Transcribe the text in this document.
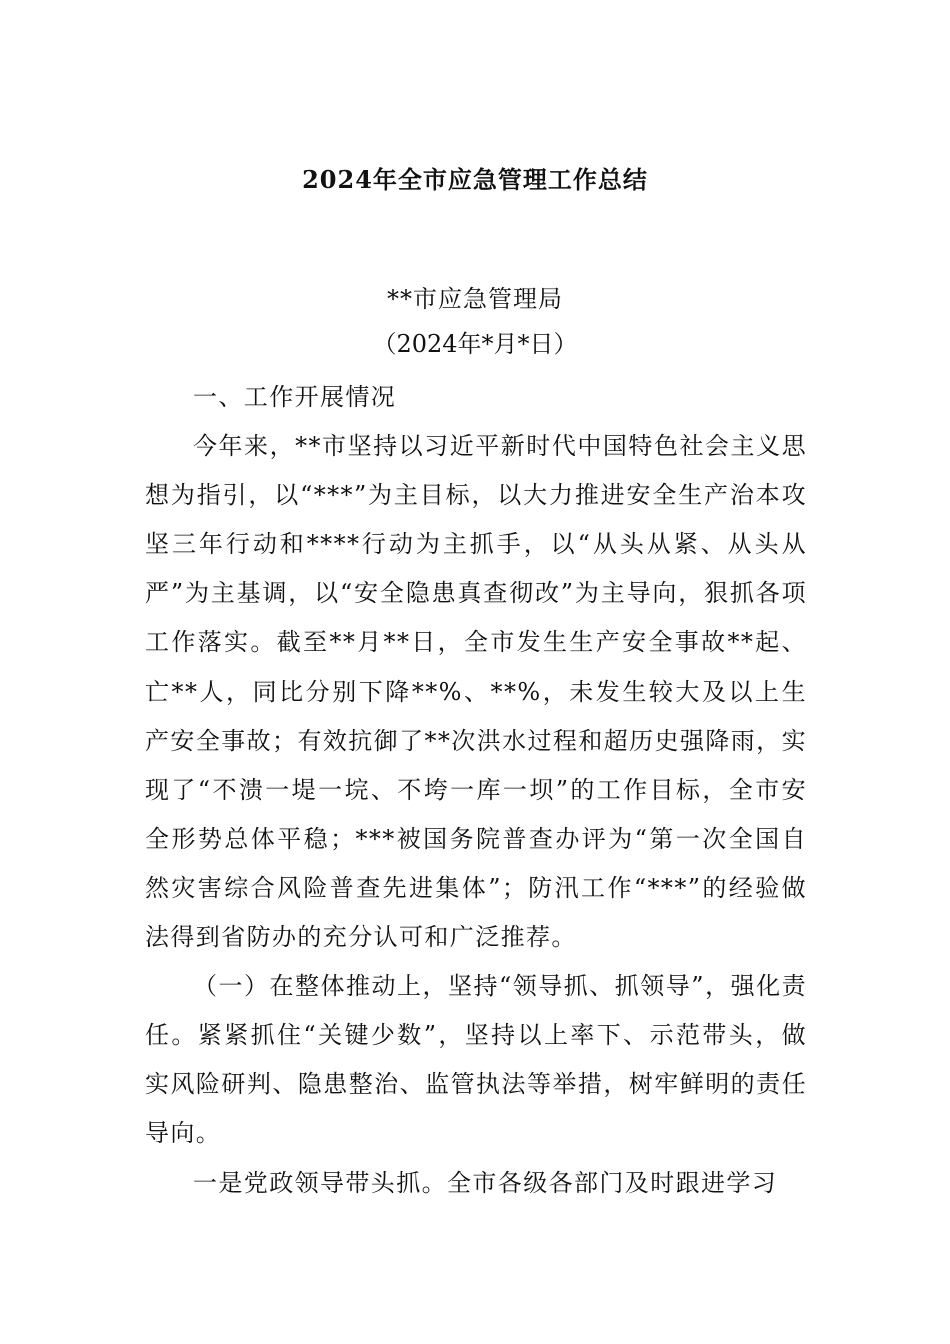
2024年全市应急管理工作总结

**市应急管理局

（2024年*月*日）

一、工作开展情况

今年来，**市坚持以习近平新时代中国特色社会主义思想为指引，以“***”为主目标，以大力推进安全生产治本攻坚三年行动和****行动为主抓手，以“从头从紧、从头从严”为主基调，以“安全隐患真查彻改”为主导向，狠抓各项工作落实。截至**月**日，全市发生生产安全事故**起、亡**人，同比分别下降**%、**%，未发生较大及以上生产安全事故；有效抗御了**次洪水过程和超历史强降雨，实现了“不溃一堤一垸、不垮一库一坝”的工作目标，全市安全形势总体平稳；***被国务院普查办评为“第一次全国自然灾害综合风险普查先进集体”；防汛工作“***”的经验做法得到省防办的充分认可和广泛推荐。

（一）在整体推动上，坚持“领导抓、抓领导”，强化责任。紧紧抓住“关键少数”，坚持以上率下、示范带头，做实风险研判、隐患整治、监管执法等举措，树牢鲜明的责任导向。

一是党政领导带头抓。全市各级各部门及时跟进学习
